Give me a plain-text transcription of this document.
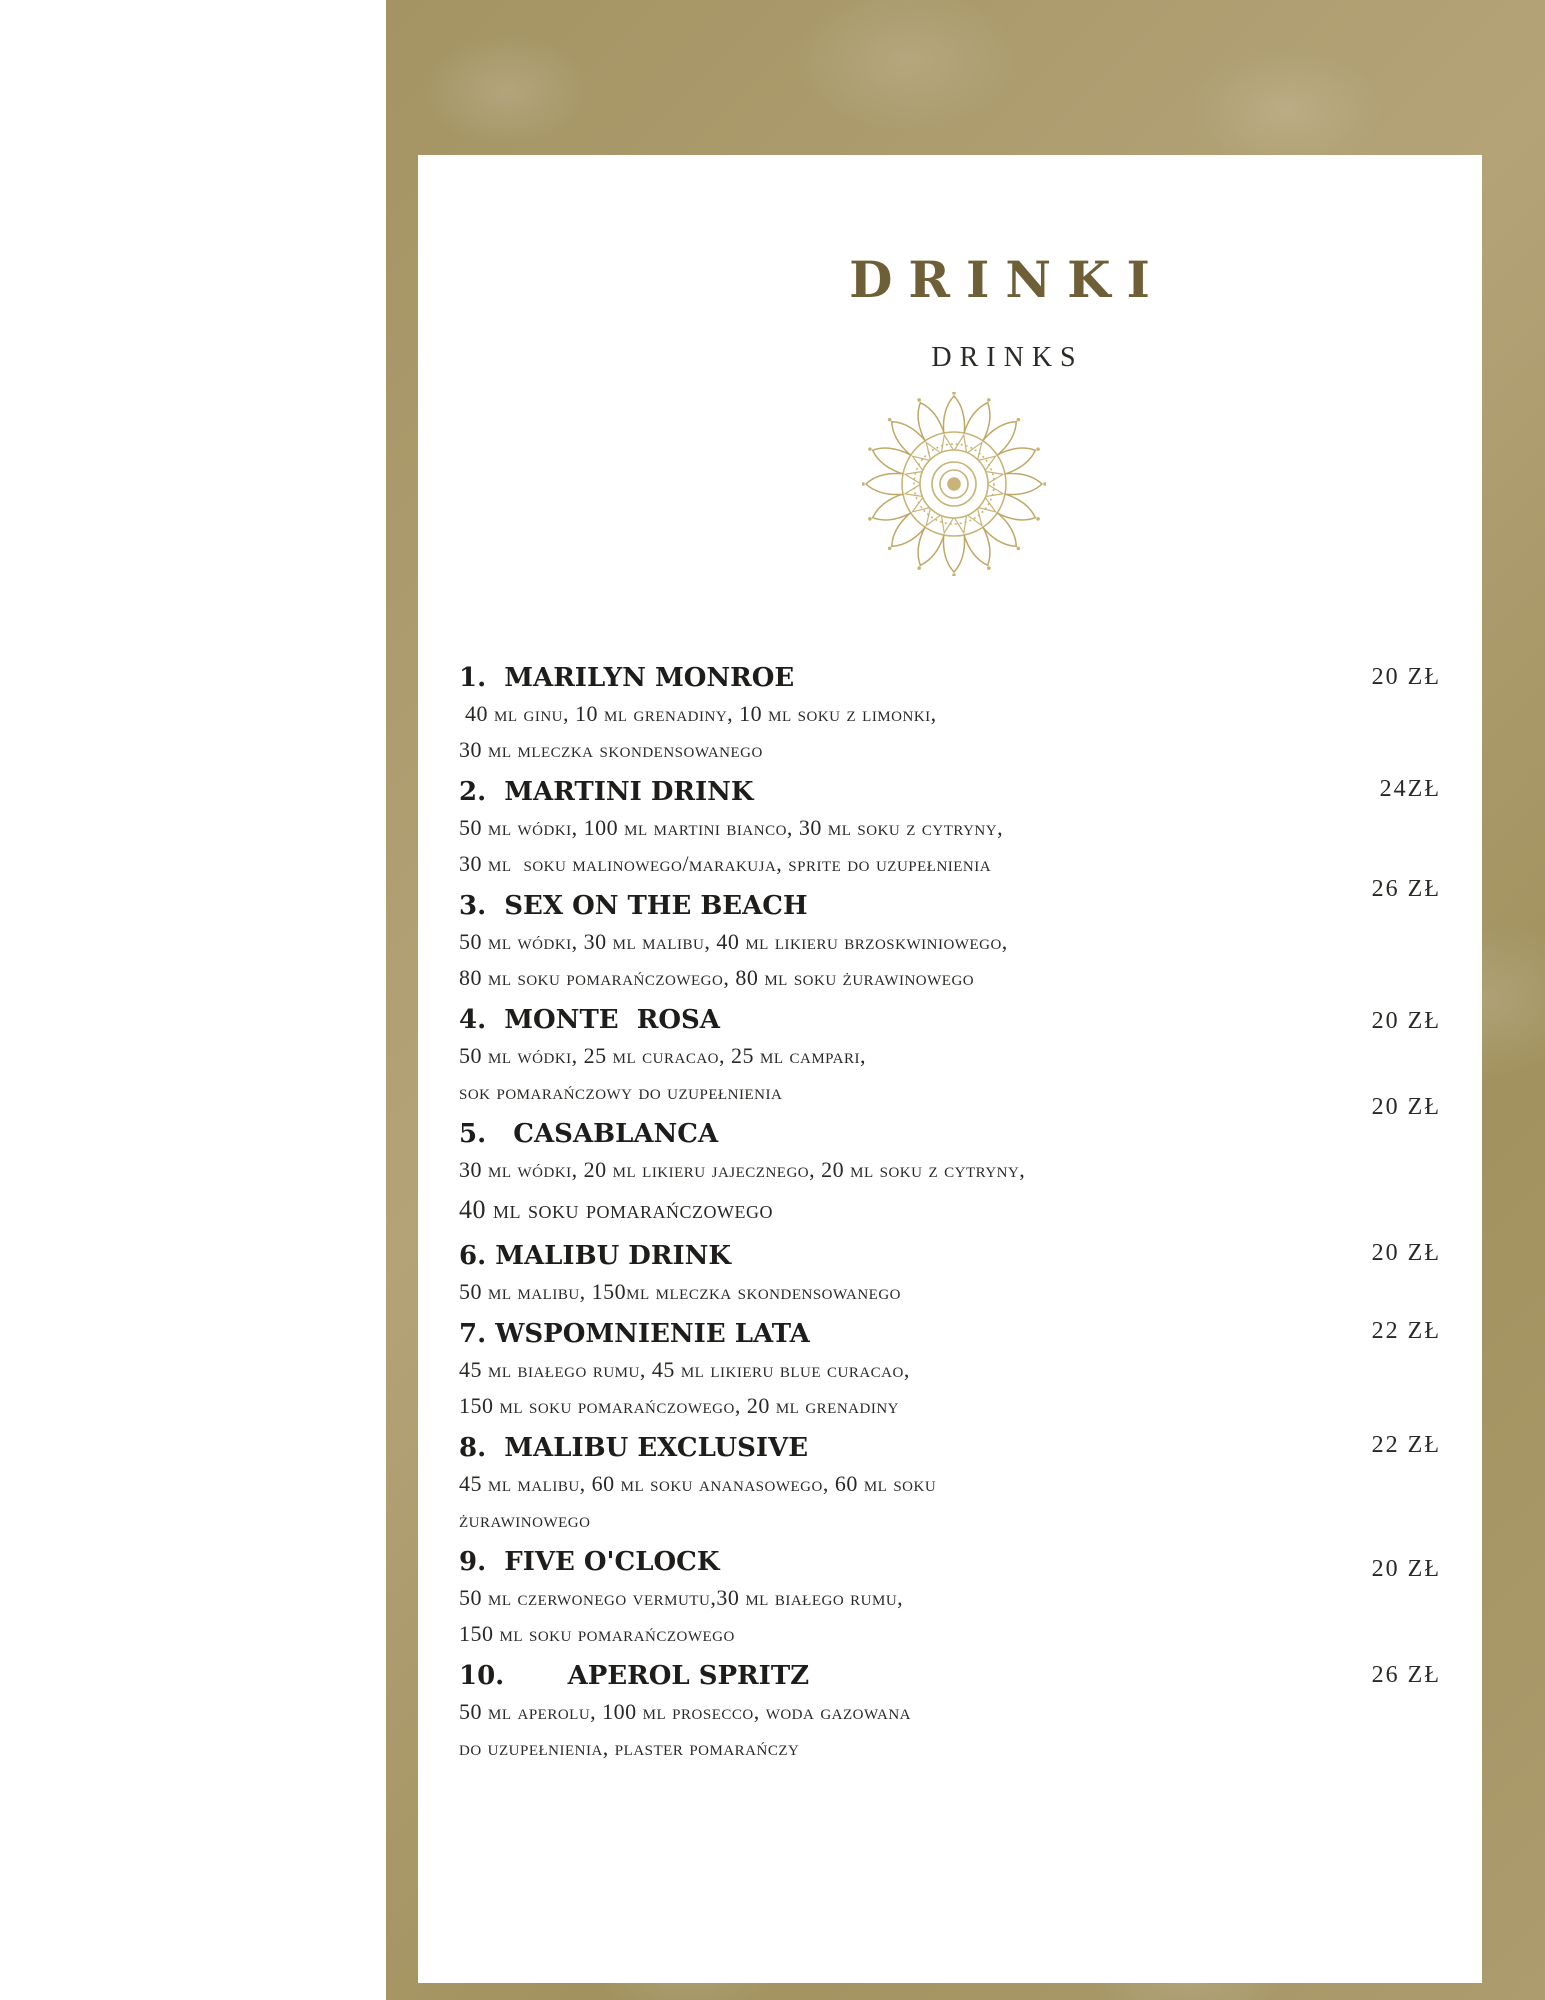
DRINKI
DRINKS
1.  MARILYN MONROE
40 ml ginu, 10 ml grenadiny, 10 ml soku z limonki,
30 ml mleczka skondensowanego
20 ZŁ
2.  MARTINI DRINK
50 ml wódki, 100 ml martini bianco, 30 ml soku z cytryny,
30 ml  soku malinowego/marakuja, sprite do uzupełnienia
24ZŁ
3.  SEX ON THE BEACH
50 ml wódki, 30 ml malibu, 40 ml likieru brzoskwiniowego,
80 ml soku pomarańczowego, 80 ml soku żurawinowego
26 ZŁ
4.  MONTE  ROSA
50 ml wódki, 25 ml curacao, 25 ml campari,
sok pomarańczowy do uzupełnienia
20 ZŁ
5.   CASABLANCA
30 ml wódki, 20 ml likieru jajecznego, 20 ml soku z cytryny,
40 ml soku pomarańczowego
20 ZŁ
6. MALIBU DRINK
50 ml malibu, 150ml mleczka skondensowanego
20 ZŁ
7. WSPOMNIENIE LATA
45 ml białego rumu, 45 ml likieru blue curacao,
150 ml soku pomarańczowego, 20 ml grenadiny
22 ZŁ
8.  MALIBU EXCLUSIVE
45 ml malibu, 60 ml soku ananasowego, 60 ml soku
żurawinowego
22 ZŁ
9.  FIVE O'CLOCK
50 ml czerwonego vermutu,30 ml białego rumu,
150 ml soku pomarańczowego
20 ZŁ
10.       APEROL SPRITZ
50 ml aperolu, 100 ml prosecco, woda gazowana
do uzupełnienia, plaster pomarańczy
26 ZŁ
